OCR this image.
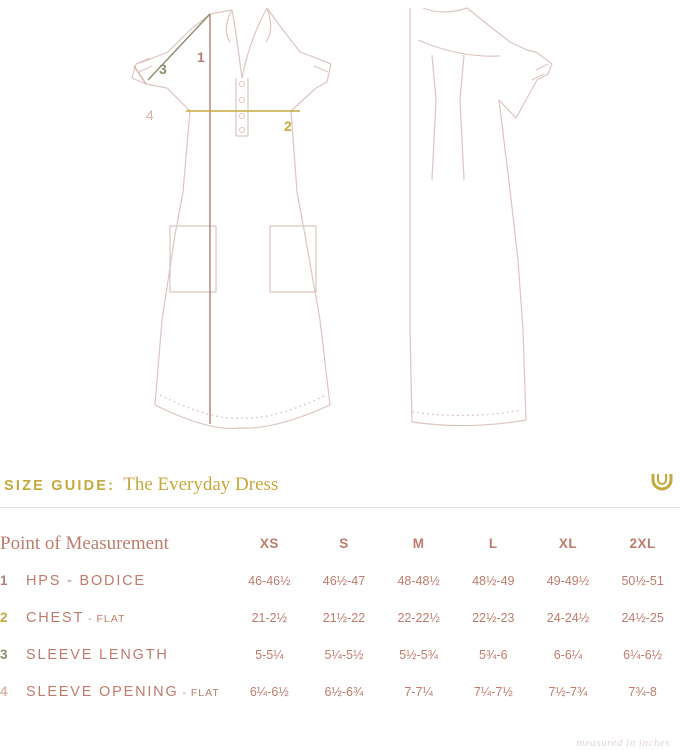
1
2
3
4
SIZE GUIDE: The Everyday Dress
Point of Measurement	XS	S	M	L	XL	2XL
1 HPS - BODICE	46-46½	46½-47	48-48½	48½-49	49-49½	50½-51
2 CHEST - FLAT	21-2½	21½-22	22-22½	22½-23	24-24½	24½-25
3 SLEEVE LENGTH	5-5¼	5¼-5½	5½-5¾	5¾-6	6-6¼	6¼-6½
4 SLEEVE OPENING - FLAT	6¼-6½	6½-6¾	7-7¼	7¼-7½	7½-7¾	7¾-8
measured in inches
